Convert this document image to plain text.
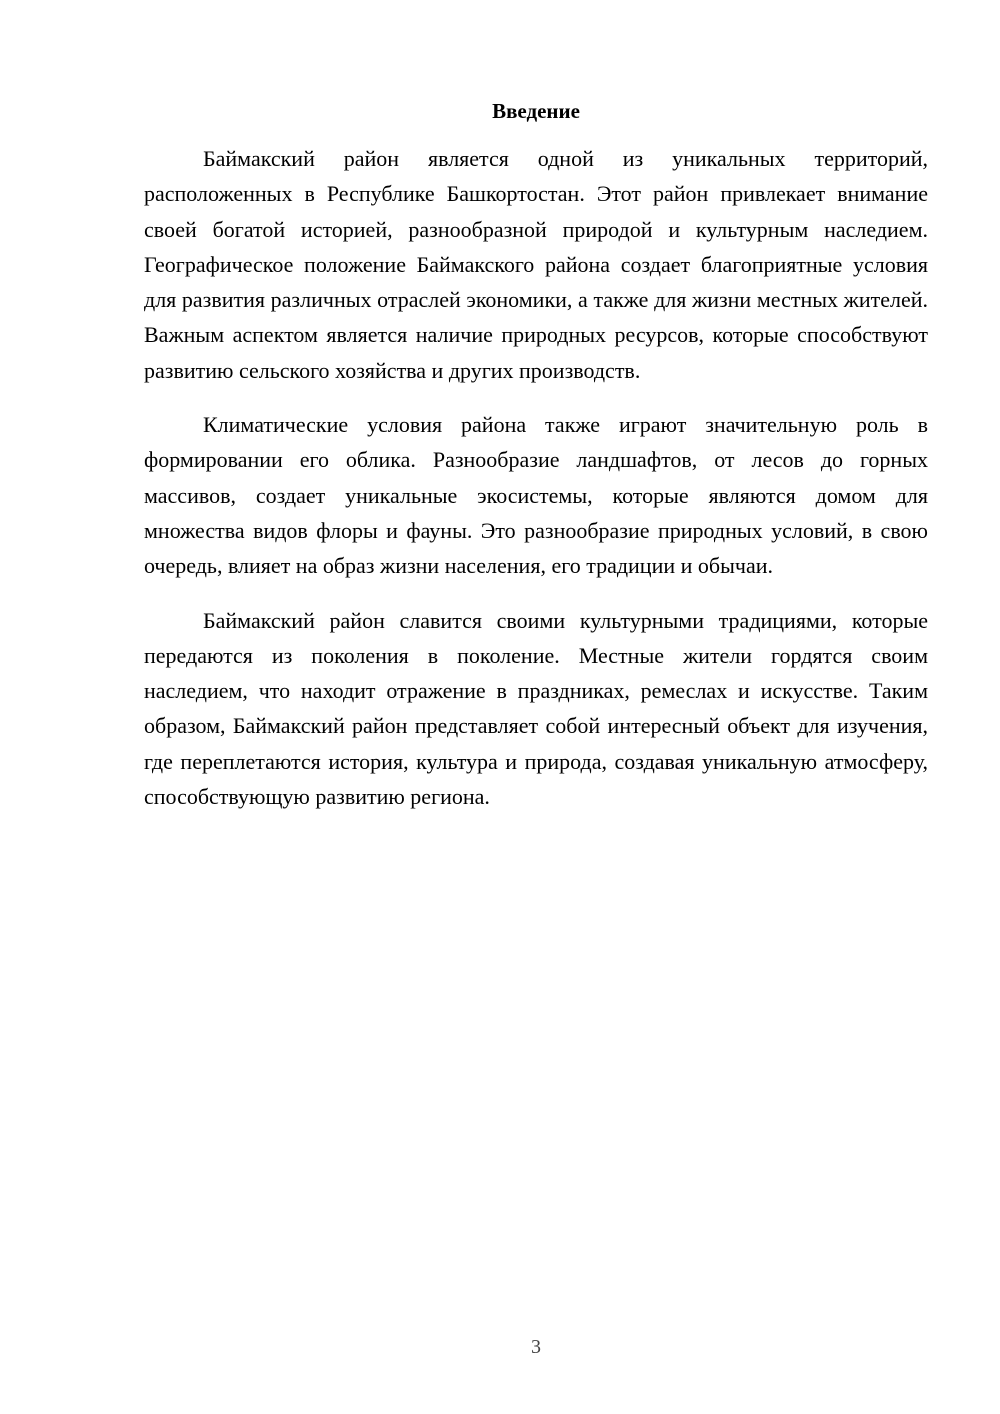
Введение

Баймакский район является одной из уникальных территорий, расположенных в Республике Башкортостан. Этот район привлекает внимание своей богатой историей, разнообразной природой и культурным наследием. Географическое положение Баймакского района создает благоприятные условия для развития различных отраслей экономики, а также для жизни местных жителей. Важным аспектом является наличие природных ресурсов, которые способствуют развитию сельского хозяйства и других производств.

Климатические условия района также играют значительную роль в формировании его облика. Разнообразие ландшафтов, от лесов до горных массивов, создает уникальные экосистемы, которые являются домом для множества видов флоры и фауны. Это разнообразие природных условий, в свою очередь, влияет на образ жизни населения, его традиции и обычаи.

Баймакский район славится своими культурными традициями, которые передаются из поколения в поколение. Местные жители гордятся своим наследием, что находит отражение в праздниках, ремеслах и искусстве. Таким образом, Баймакский район представляет собой интересный объект для изучения, где переплетаются история, культура и природа, создавая уникальную атмосферу, способствующую развитию региона.

3
